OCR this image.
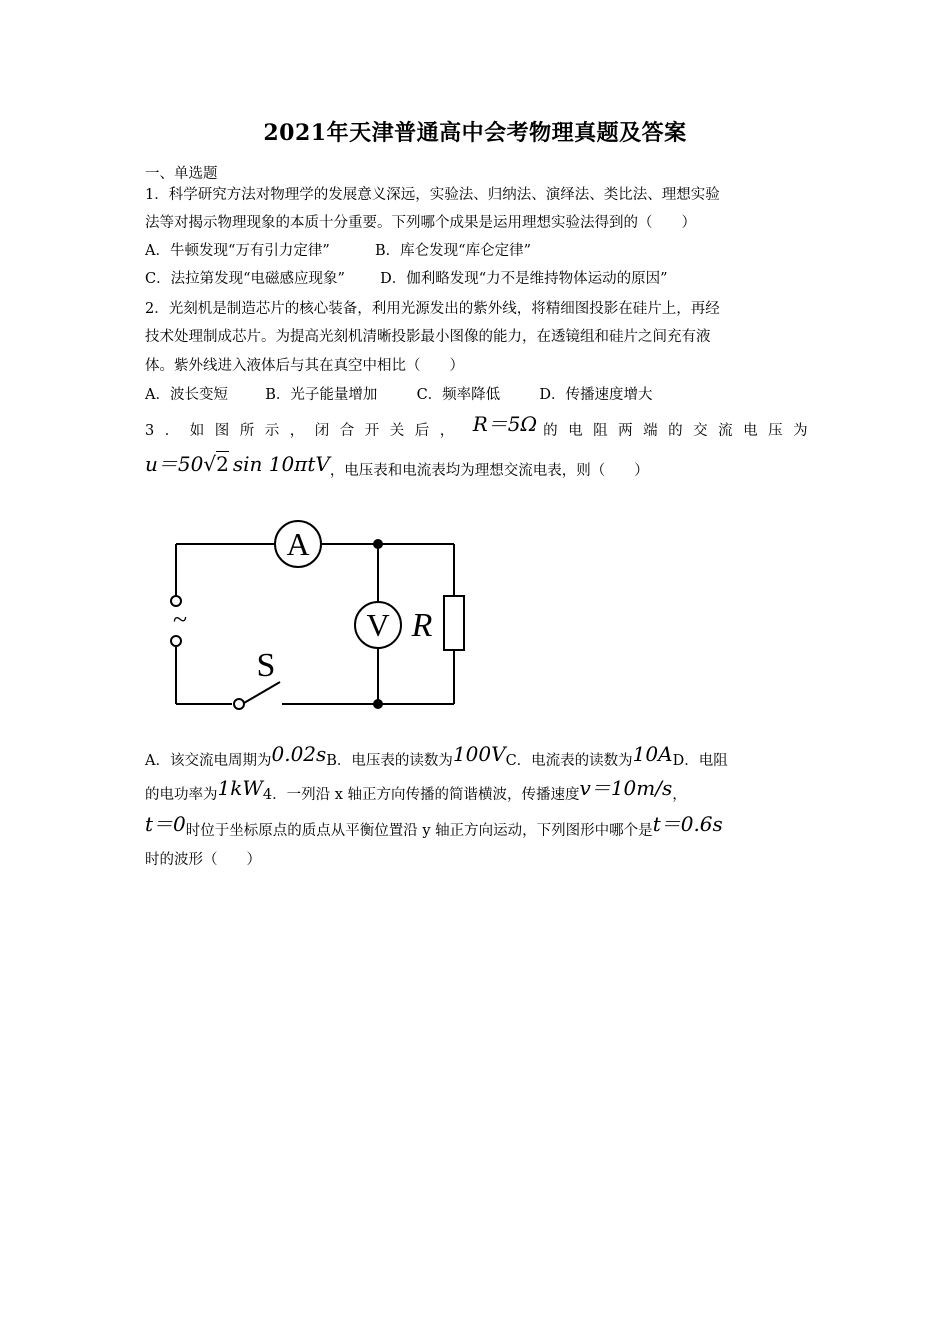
2021年天津普通高中会考物理真题及答案
一、单选题
1．科学研究方法对物理学的发展意义深远，实验法、归纳法、演绎法、类比法、理想实验
法等对揭示物理现象的本质十分重要。下列哪个成果是运用理想实验法得到的（　　）
A．牛顿发现“万有引力定律”	B．库仑发现“库仑定律”
C．法拉第发现“电磁感应现象” D．伽利略发现“力不是维持物体运动的原因”
2．光刻机是制造芯片的核心装备，利用光源发出的紫外线，将精细图投影在硅片上，再经
技术处理制成芯片。为提高光刻机清晰投影最小图像的能力，在透镜组和硅片之间充有液
体。紫外线进入液体后与其在真空中相比（　　）
A．波长变短	B．光子能量增加	C．频率降低	D．传播速度增大
3．如图所示，闭合开关后， R＝5Ω 的电阻两端的交流电压为
u＝50√2 sin 10πtV，电压表和电流表均为理想交流电表，则（　　）
A
V R
S
~
A．该交流电周期为0.02sB．电压表的读数为100VC．电流表的读数为10AD．电阻
的电功率为1kW4．一列沿 x 轴正方向传播的简谐横波，传播速度v＝10m/s，
t＝0时位于坐标原点的质点从平衡位置沿 y 轴正方向运动，下列图形中哪个是t＝0.6s
时的波形（　　）
